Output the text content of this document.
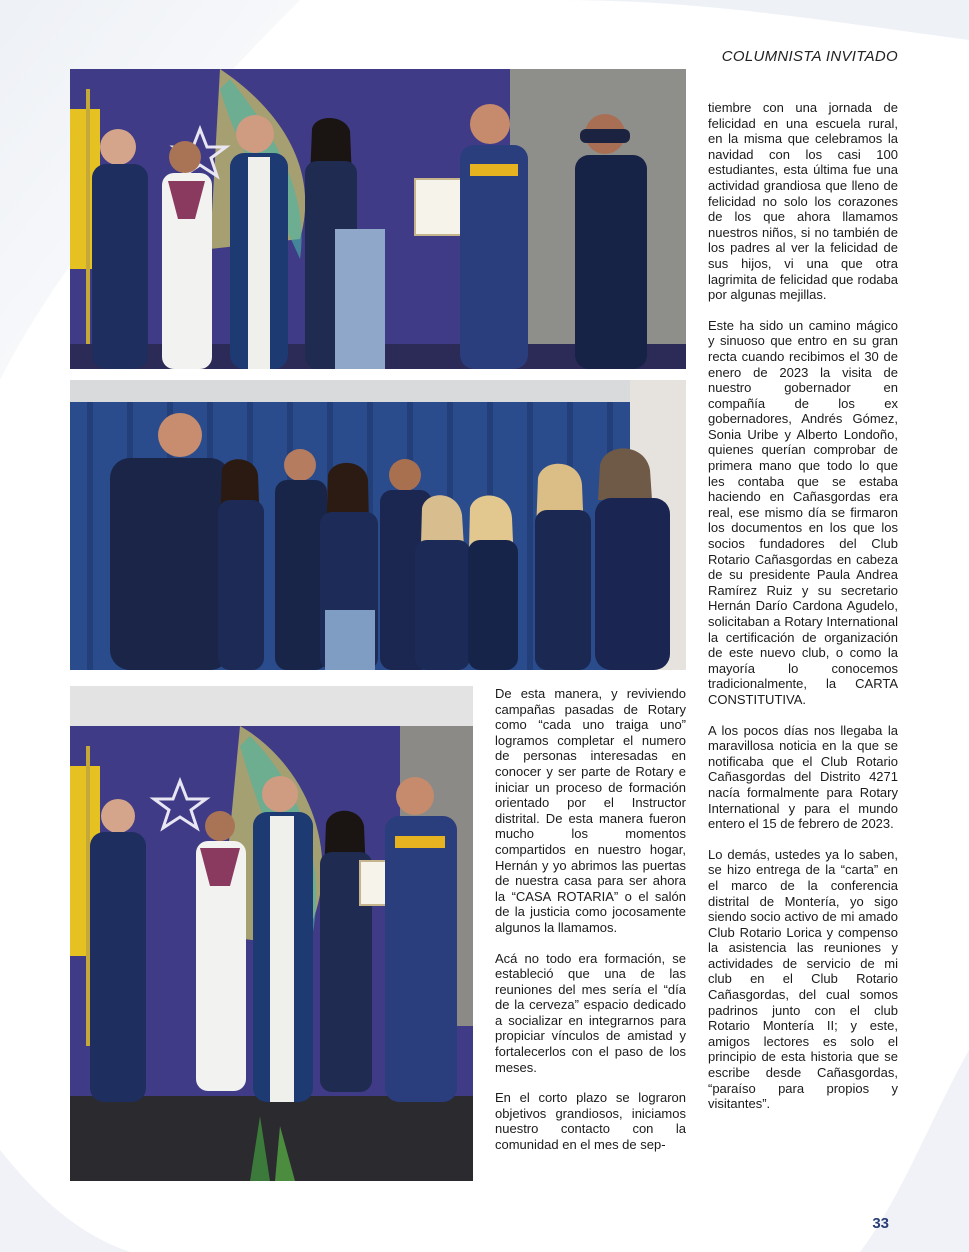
COLUMNISTA INVITADO

tiembre con una jornada de felicidad en una escuela rural, en la misma que celebramos la navidad con los casi 100 estudiantes, esta última fue una actividad grandiosa que lleno de felicidad no solo los corazones de los que ahora llamamos nuestros niños, si no también de los padres al ver la felicidad de sus hijos, vi una que otra lagrimita de felicidad que rodaba por algunas mejillas.

Este ha sido un camino mágico y sinuoso que entro en su gran recta cuando recibimos el 30 de enero de 2023 la visita de nuestro gobernador en compañía de los ex gobernadores, Andrés Gómez, Sonia Uribe y Alberto Londoño, quienes querían comprobar de primera mano que todo lo que les contaba que se estaba haciendo en Cañasgordas era real, ese mismo día se firmaron los documentos en los que los socios fundadores del Club Rotario Cañasgordas en cabeza de su presidente Paula Andrea Ramírez Ruiz y su secretario Hernán Darío Cardona Agudelo, solicitaban a Rotary International la certificación de organización de este nuevo club, o como la mayoría lo conocemos tradicionalmente, la CARTA CONSTITUTIVA.

A los pocos días nos llegaba la maravillosa noticia en la que se notificaba que el Club Rotario Cañasgordas del Distrito 4271 nacía formalmente para Rotary International y para el mundo entero el 15 de febrero de 2023.

Lo demás, ustedes ya lo saben, se hizo entrega de la “carta” en el marco de la conferencia distrital de Montería, yo sigo siendo socio activo de mi amado Club Rotario Lorica y compenso la asistencia las reuniones y actividades de servicio de mi club en el Club Rotario Cañasgordas, del cual somos padrinos junto con el club Rotario Montería II; y este, amigos lectores es solo el principio de esta historia que se escribe desde Cañasgordas, “paraíso para propios y visitantes”.

De esta manera, y reviviendo campañas pasadas de Rotary como “cada uno traiga uno” logramos completar el numero de personas interesadas en conocer y ser parte de Rotary e iniciar un proceso de formación orientado por el Instructor distrital. De esta manera fueron mucho los momentos compartidos en nuestro hogar, Hernán y yo abrimos las puertas de nuestra casa para ser ahora la “CASA ROTARIA” o el salón de la justicia como jocosamente algunos la llamamos.

Acá no todo era formación, se estableció que una de las reuniones del mes sería el “día de la cerveza” espacio dedicado a socializar en integrarnos para propiciar vínculos de amistad y fortalecerlos con el paso de los meses.

En el corto plazo se lograron objetivos grandiosos, iniciamos nuestro contacto con la comunidad en el mes de sep-

33
